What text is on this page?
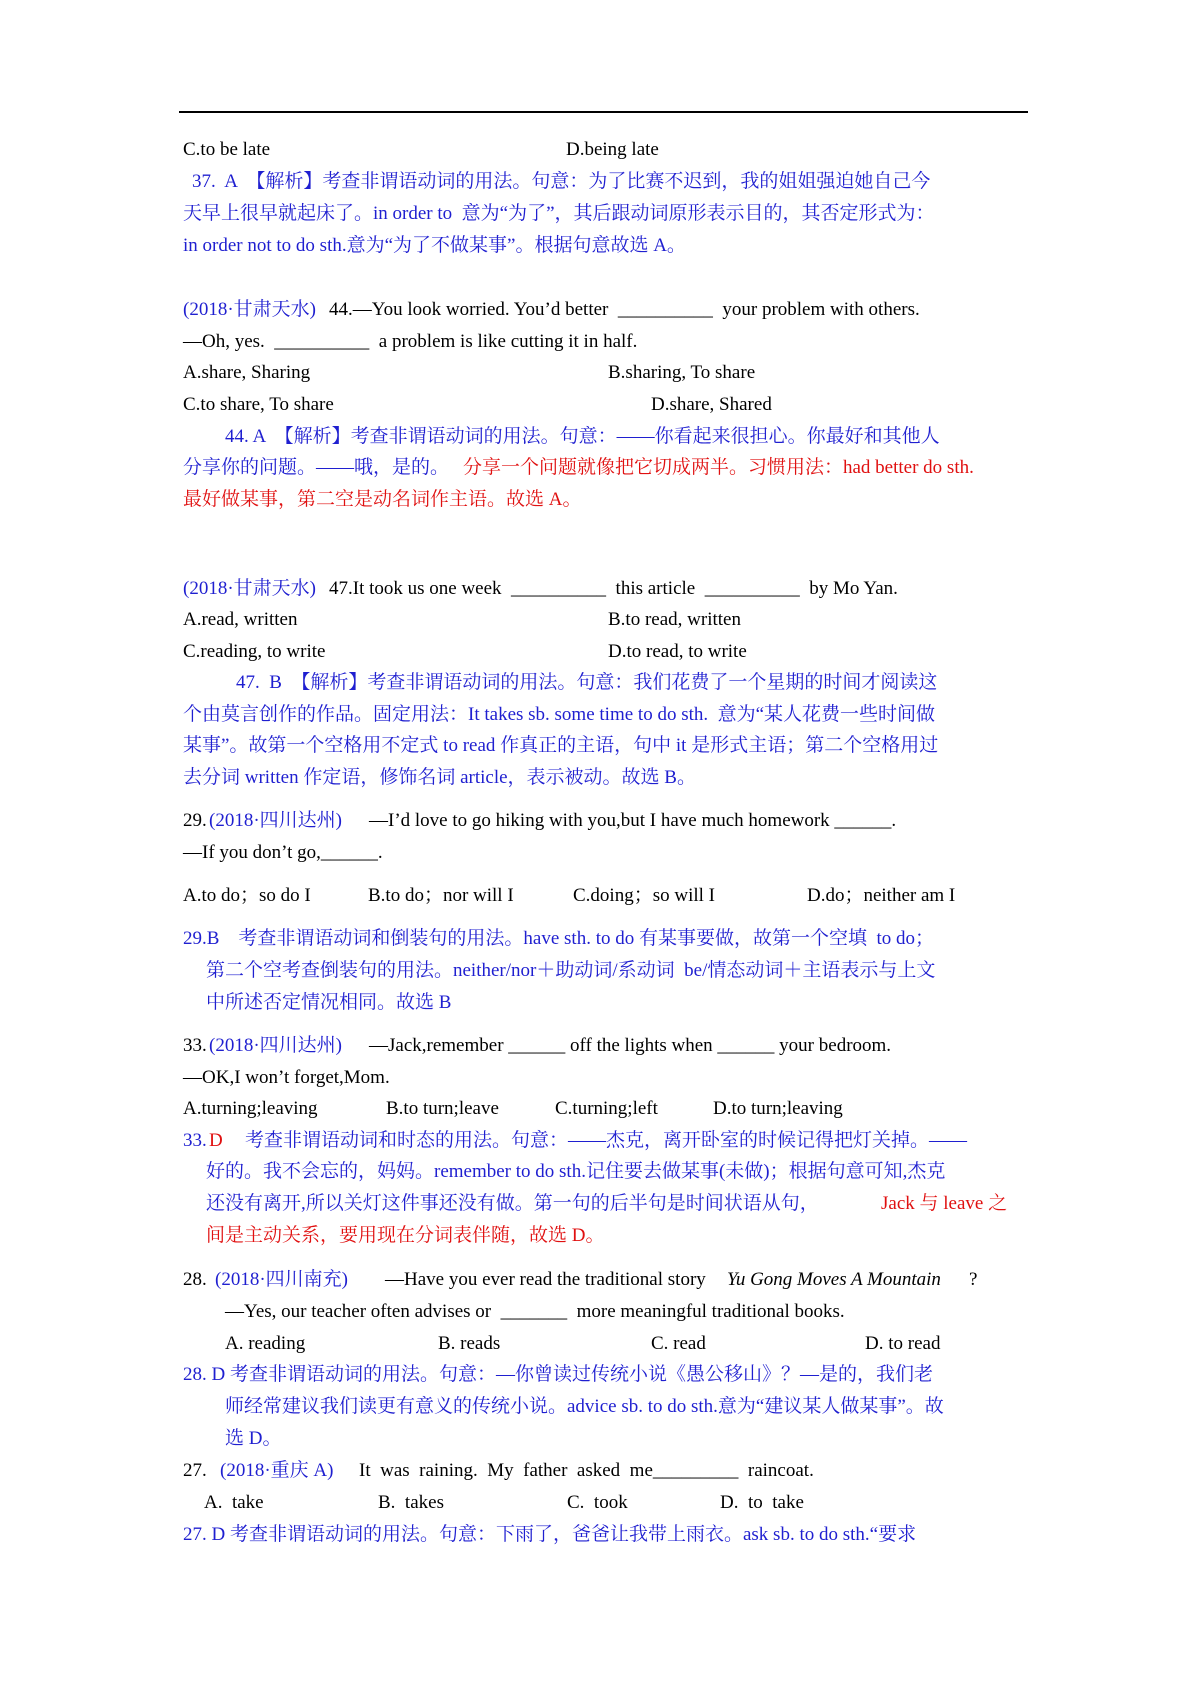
C.to be late	D.being late
37.  A  【解析】考查非谓语动词的用法。句意：为了比赛不迟到，我的姐姐强迫她自己今
天早上很早就起床了。in order to  意为“为了”，其后跟动词原形表示目的，其否定形式为：
in order not to do sth.意为“为了不做某事”。根据句意故选 A。
(2018·甘肃天水) 44.—You look worried. You’d better  __________  your problem with others.
—Oh, yes.  __________  a problem is like cutting it in half.
A.share, Sharing	B.sharing, To share
C.to share, To share	D.share, Shared
44. A  【解析】考查非谓语动词的用法。句意：——你看起来很担心。你最好和其他人
分享你的问题。——哦，是的。 分享一个问题就像把它切成两半。习惯用法：had better do sth.
最好做某事，第二空是动名词作主语。故选 A。
(2018·甘肃天水) 47.It took us one week  __________  this article  __________  by Mo Yan.
A.read, written	B.to read, written
C.reading, to write	D.to read, to write
47.  B  【解析】考查非谓语动词的用法。句意：我们花费了一个星期的时间才阅读这
个由莫言创作的作品。固定用法：It takes sb. some time to do sth.  意为“某人花费一些时间做
某事”。故第一个空格用不定式 to read 作真正的主语，句中 it 是形式主语；第二个空格用过
去分词 written 作定语，修饰名词 article，表示被动。故选 B。
29. (2018·四川达州) —I’d love to go hiking with you,but I have much homework ______.
—If you don’t go,______.
A.to do；so do I	B.to do；nor will I	C.doing；so will I	D.do；neither am I
29.B    考查非谓语动词和倒装句的用法。have sth. to do 有某事要做，故第一个空填  to do；
第二个空考查倒装句的用法。neither/nor＋助动词/系动词  be/情态动词＋主语表示与上文
中所述否定情况相同。故选 B
33. (2018·四川达州) —Jack,remember ______ off the lights when ______ your bedroom.
—OK,I won’t forget,Mom.
A.turning;leaving	B.to turn;leave	C.turning;left	D.to turn;leaving
33. D 考查非谓语动词和时态的用法。句意：——杰克，离开卧室的时候记得把灯关掉。——
好的。我不会忘的，妈妈。remember to do sth.记住要去做某事(未做)；根据句意可知,杰克
还没有离开,所以关灯这件事还没有做。第一句的后半句是时间状语从句，	Jack 与 leave 之
间是主动关系，要用现在分词表伴随，故选 D。
28. (2018·四川南充) —Have you ever read the traditional story Yu Gong Moves A Mountain ?
—Yes, our teacher often advises or  _______  more meaningful traditional books.
A. reading	B. reads	C. read	D. to read
28. D 考查非谓语动词的用法。句意：—你曾读过传统小说《愚公移山》？—是的，我们老
师经常建议我们读更有意义的传统小说。advice sb. to do sth.意为“建议某人做某事”。故
选 D。
27. (2018·重庆 A) It  was  raining.  My  father  asked  me_________  raincoat.
A.  take	B.  takes	C.  took	D.  to  take
27. D 考查非谓语动词的用法。句意：下雨了，爸爸让我带上雨衣。ask sb. to do sth.“要求
